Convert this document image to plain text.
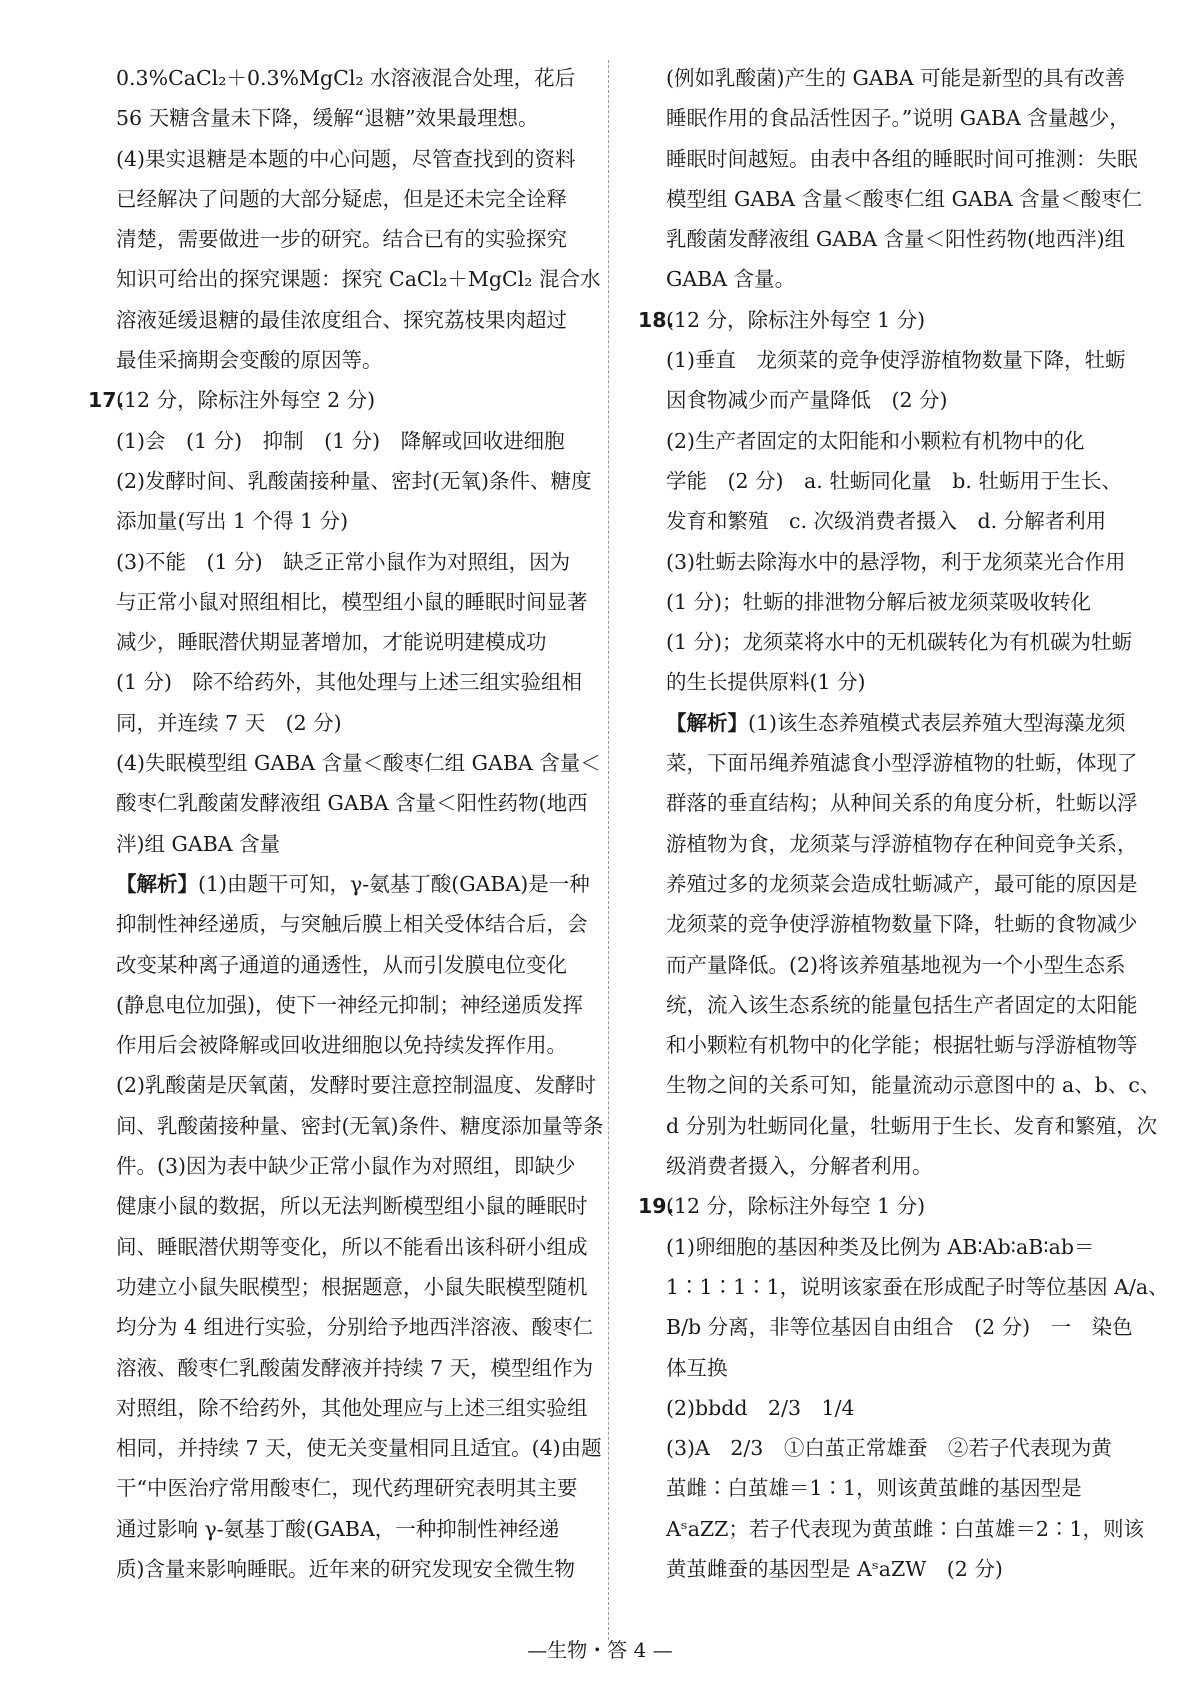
0.3%CaCl₂＋0.3%MgCl₂ 水溶液混合处理，花后
56 天糖含量未下降，缓解“退糖”效果最理想。
(4)果实退糖是本题的中心问题，尽管查找到的资料
已经解决了问题的大部分疑虑，但是还未完全诠释
清楚，需要做进一步的研究。结合已有的实验探究
知识可给出的探究课题：探究 CaCl₂＋MgCl₂ 混合水
溶液延缓退糖的最佳浓度组合、探究荔枝果肉超过
最佳采摘期会变酸的原因等。
17.(12 分，除标注外每空 2 分)
(1)会　(1 分)　抑制　(1 分)　降解或回收进细胞
(2)发酵时间、乳酸菌接种量、密封(无氧)条件、糖度
添加量(写出 1 个得 1 分)
(3)不能　(1 分)　缺乏正常小鼠作为对照组，因为
与正常小鼠对照组相比，模型组小鼠的睡眠时间显著
减少，睡眠潜伏期显著增加，才能说明建模成功
(1 分)　除不给药外，其他处理与上述三组实验组相
同，并连续 7 天　(2 分)
(4)失眠模型组 GABA 含量＜酸枣仁组 GABA 含量＜
酸枣仁乳酸菌发酵液组 GABA 含量＜阳性药物(地西
泮)组 GABA 含量
【解析】(1)由题干可知，γ-氨基丁酸(GABA)是一种
抑制性神经递质，与突触后膜上相关受体结合后，会
改变某种离子通道的通透性，从而引发膜电位变化
(静息电位加强)，使下一神经元抑制；神经递质发挥
作用后会被降解或回收进细胞以免持续发挥作用。
(2)乳酸菌是厌氧菌，发酵时要注意控制温度、发酵时
间、乳酸菌接种量、密封(无氧)条件、糖度添加量等条
件。(3)因为表中缺少正常小鼠作为对照组，即缺少
健康小鼠的数据，所以无法判断模型组小鼠的睡眠时
间、睡眠潜伏期等变化，所以不能看出该科研小组成
功建立小鼠失眠模型；根据题意，小鼠失眠模型随机
均分为 4 组进行实验，分别给予地西泮溶液、酸枣仁
溶液、酸枣仁乳酸菌发酵液并持续 7 天，模型组作为
对照组，除不给药外，其他处理应与上述三组实验组
相同，并持续 7 天，使无关变量相同且适宜。(4)由题
干“中医治疗常用酸枣仁，现代药理研究表明其主要
通过影响 γ-氨基丁酸(GABA，一种抑制性神经递
质)含量来影响睡眠。近年来的研究发现安全微生物
(例如乳酸菌)产生的 GABA 可能是新型的具有改善
睡眠作用的食品活性因子。”说明 GABA 含量越少，
睡眠时间越短。由表中各组的睡眠时间可推测：失眠
模型组 GABA 含量＜酸枣仁组 GABA 含量＜酸枣仁
乳酸菌发酵液组 GABA 含量＜阳性药物(地西泮)组
GABA 含量。
18.(12 分，除标注外每空 1 分)
(1)垂直　龙须菜的竞争使浮游植物数量下降，牡蛎
因食物减少而产量降低　(2 分)
(2)生产者固定的太阳能和小颗粒有机物中的化
学能　(2 分)　a. 牡蛎同化量　b. 牡蛎用于生长、
发育和繁殖　c. 次级消费者摄入　d. 分解者利用
(3)牡蛎去除海水中的悬浮物，利于龙须菜光合作用
(1 分)；牡蛎的排泄物分解后被龙须菜吸收转化
(1 分)；龙须菜将水中的无机碳转化为有机碳为牡蛎
的生长提供原料(1 分)
【解析】(1)该生态养殖模式表层养殖大型海藻龙须
菜，下面吊绳养殖滤食小型浮游植物的牡蛎，体现了
群落的垂直结构；从种间关系的角度分析，牡蛎以浮
游植物为食，龙须菜与浮游植物存在种间竞争关系，
养殖过多的龙须菜会造成牡蛎减产，最可能的原因是
龙须菜的竞争使浮游植物数量下降，牡蛎的食物减少
而产量降低。(2)将该养殖基地视为一个小型生态系
统，流入该生态系统的能量包括生产者固定的太阳能
和小颗粒有机物中的化学能；根据牡蛎与浮游植物等
生物之间的关系可知，能量流动示意图中的 a、b、c、
d 分别为牡蛎同化量，牡蛎用于生长、发育和繁殖，次
级消费者摄入，分解者利用。
19.(12 分，除标注外每空 1 分)
(1)卵细胞的基因种类及比例为 AB∶Ab∶aB∶ab＝
1∶1∶1∶1，说明该家蚕在形成配子时等位基因 A/a、
B/b 分离，非等位基因自由组合　(2 分)　一　染色
体互换
(2)bbdd　2/3　1/4
(3)A　2/3　①白茧正常雄蚕　②若子代表现为黄
茧雌∶白茧雄＝1∶1，则该黄茧雌的基因型是
AˢaZZ；若子代表现为黄茧雌∶白茧雄＝2∶1，则该
黄茧雌蚕的基因型是 AˢaZW　(2 分)
—生物・答 4 —
